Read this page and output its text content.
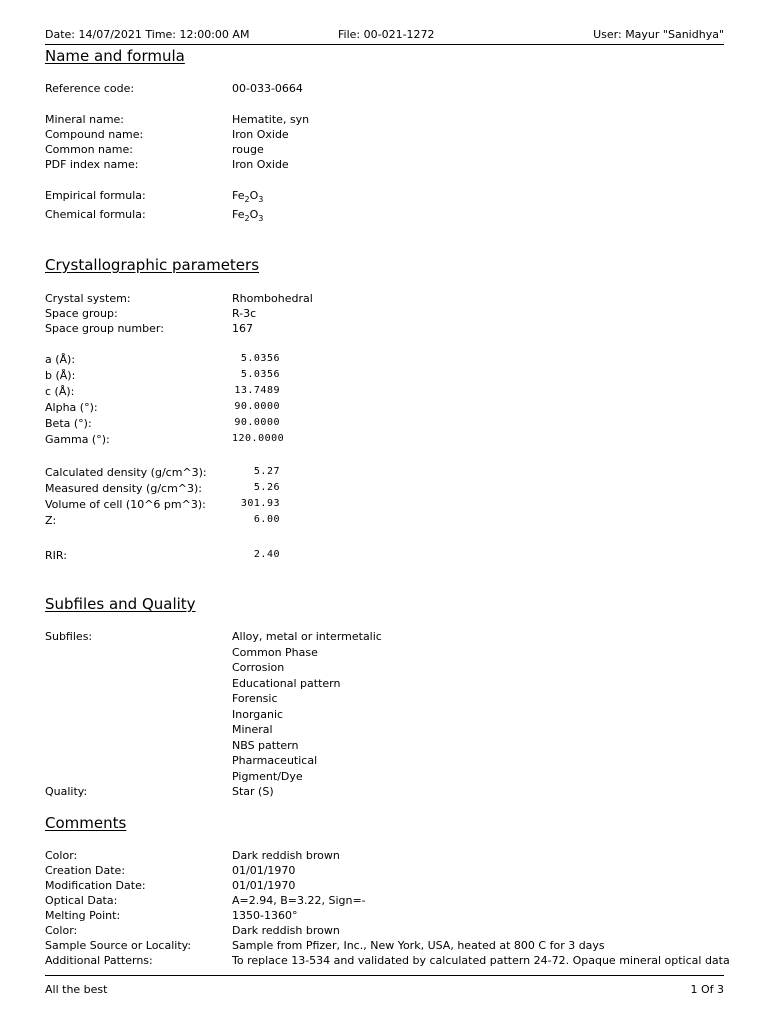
Date: 14/07/2021 Time: 12:00:00 AM	File: 00-021-1272	User: Mayur "Sanidhya"
Name and formula
Reference code:	00-033-0664
Mineral name:	Hematite, syn
Compound name:	Iron Oxide
Common name:	rouge
PDF index name:	Iron Oxide
Empirical formula:	$Fe_2O_3$
Chemical formula:	$Fe_2O_3$
Crystallographic parameters
Crystal system:	Rhombohedral
Space group:	R-3c
Space group number:	167
a (Å):	5.0356
b (Å):	5.0356
c (Å):	13.7489
Alpha (°):	90.0000
Beta (°):	90.0000
Gamma (°):	120.0000
Calculated density (g/cm^3):	5.27
Measured density (g/cm^3):	5.26
Volume of cell (10^6 pm^3):	301.93
Z:	6.00
RIR:	2.40
Subfiles and Quality
Subfiles:	Alloy, metal or intermetalic
Common Phase
Corrosion
Educational pattern
Forensic
Inorganic
Mineral
NBS pattern
Pharmaceutical
Pigment/Dye
Quality:	Star (S)
Comments
Color:	Dark reddish brown
Creation Date:	01/01/1970
Modification Date:	01/01/1970
Optical Data:	A=2.94, B=3.22, Sign=-
Melting Point:	1350-1360°
Color:	Dark reddish brown
Sample Source or Locality:	Sample from Pfizer, Inc., New York, USA, heated at 800 C for 3 days
Additional Patterns:	To replace 13-534 and validated by calculated pattern 24-72. Opaque mineral optical data
All the best	1 Of 3
